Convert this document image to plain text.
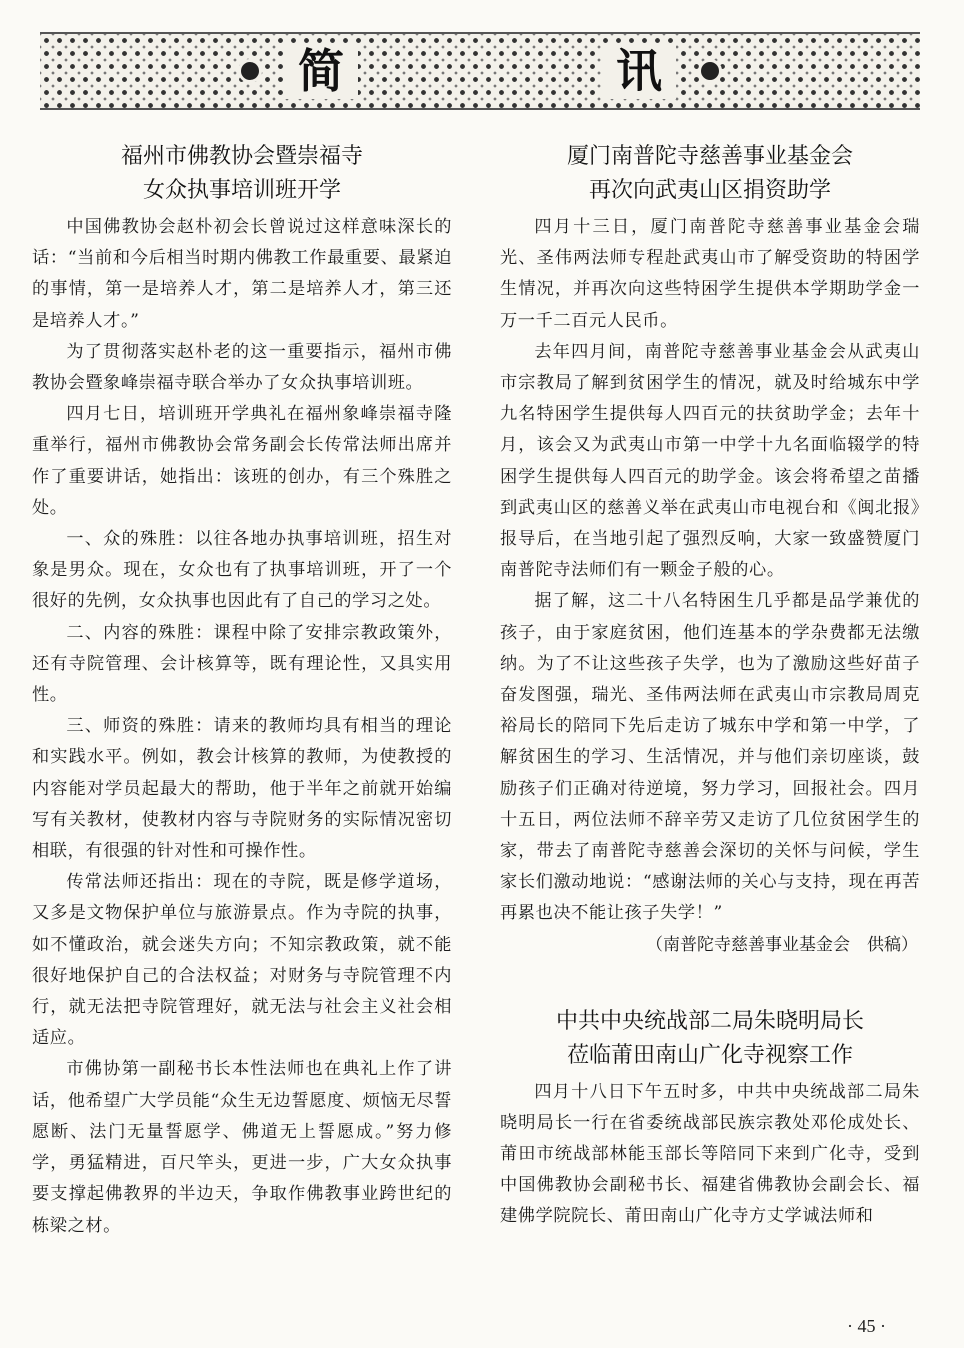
简	讯
福州市佛教协会暨崇福寺
女众执事培训班开学

中国佛教协会赵朴初会长曾说过这样意味深长的话：“当前和今后相当时期内佛教工作最重要、最紧迫的事情，第一是培养人才，第二是培养人才，第三还是培养人才。”

为了贯彻落实赵朴老的这一重要指示，福州市佛教协会暨象峰崇福寺联合举办了女众执事培训班。

四月七日，培训班开学典礼在福州象峰崇福寺隆重举行，福州市佛教协会常务副会长传常法师出席并作了重要讲话，她指出：该班的创办，有三个殊胜之处。

一、众的殊胜：以往各地办执事培训班，招生对象是男众。现在，女众也有了执事培训班，开了一个很好的先例，女众执事也因此有了自己的学习之处。

二、内容的殊胜：课程中除了安排宗教政策外，还有寺院管理、会计核算等，既有理论性，又具实用性。

三、师资的殊胜：请来的教师均具有相当的理论和实践水平。例如，教会计核算的教师，为使教授的内容能对学员起最大的帮助，他于半年之前就开始编写有关教材，使教材内容与寺院财务的实际情况密切相联，有很强的针对性和可操作性。

传常法师还指出：现在的寺院，既是修学道场，又多是文物保护单位与旅游景点。作为寺院的执事，如不懂政治，就会迷失方向；不知宗教政策，就不能很好地保护自己的合法权益；对财务与寺院管理不内行，就无法把寺院管理好，就无法与社会主义社会相适应。

市佛协第一副秘书长本性法师也在典礼上作了讲话，他希望广大学员能“众生无边誓愿度、烦恼无尽誓愿断、法门无量誓愿学、佛道无上誓愿成。”努力修学，勇猛精进，百尺竿头，更进一步，广大女众执事要支撑起佛教界的半边天，争取作佛教事业跨世纪的栋梁之材。

厦门南普陀寺慈善事业基金会
再次向武夷山区捐资助学

四月十三日，厦门南普陀寺慈善事业基金会瑞光、圣伟两法师专程赴武夷山市了解受资助的特困学生情况，并再次向这些特困学生提供本学期助学金一万一千二百元人民币。

去年四月间，南普陀寺慈善事业基金会从武夷山市宗教局了解到贫困学生的情况，就及时给城东中学九名特困学生提供每人四百元的扶贫助学金；去年十月，该会又为武夷山市第一中学十九名面临辍学的特困学生提供每人四百元的助学金。该会将希望之苗播到武夷山区的慈善义举在武夷山市电视台和《闽北报》报导后，在当地引起了强烈反响，大家一致盛赞厦门南普陀寺法师们有一颗金子般的心。

据了解，这二十八名特困生几乎都是品学兼优的孩子，由于家庭贫困，他们连基本的学杂费都无法缴纳。为了不让这些孩子失学，也为了激励这些好苗子奋发图强，瑞光、圣伟两法师在武夷山市宗教局周克裕局长的陪同下先后走访了城东中学和第一中学，了解贫困生的学习、生活情况，并与他们亲切座谈，鼓励孩子们正确对待逆境，努力学习，回报社会。四月十五日，两位法师不辞辛劳又走访了几位贫困学生的家，带去了南普陀寺慈善会深切的关怀与问候，学生家长们激动地说：“感谢法师的关心与支持，现在再苦再累也决不能让孩子失学！”

（南普陀寺慈善事业基金会　供稿）

中共中央统战部二局朱晓明局长
莅临莆田南山广化寺视察工作

四月十八日下午五时多，中共中央统战部二局朱晓明局长一行在省委统战部民族宗教处邓伦成处长、莆田市统战部林能玉部长等陪同下来到广化寺，受到中国佛教协会副秘书长、福建省佛教协会副会长、福建佛学院院长、莆田南山广化寺方丈学诚法师和

· 45 ·
